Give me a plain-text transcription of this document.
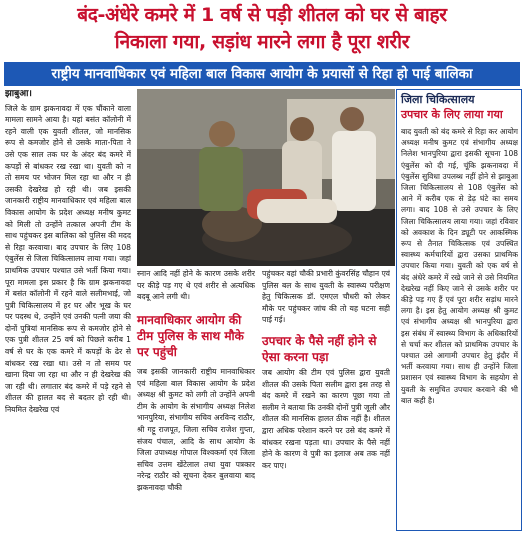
बंद-अंधेरे कमरे में 1 वर्ष से पड़ी शीतल को घर से बाहर
निकाला गया, सड़ांध मारने लगा है पूरा शरीर
राष्ट्रीय मानवाधिकार एवं महिला बाल विकास आयोग के प्रयासों से रिहा हो पाई बालिका
झाबुआ।

जिले के ग्राम झकनावदा में एक चौंकाने वाला मामला सामने आया है। यहां बसंत कॉलोनी में रहने वाली एक युवती शीतल, जो मानसिक रूप से कमजोर होने से उसके माता-पिता ने उसे एक साल तक घर के अंदर बंद कमरे में कपड़ों से बांधकर रख रखा था। युवती को न तो समय पर भोजन मिल रहा था और न ही उसकी देखरेख हो रही थी। जब इसकी जानकारी राष्ट्रीय मानवाधिकार एवं महिला बाल विकास आयोग के प्रदेश अध्यक्ष मनीष कुमट को मिली तो उन्होंने तत्काल अपनी टीम के साथ पहुंचकर इस बालिका को पुलिस की मदद से रिहा करवाया। बाद उपचार के लिए 108 एंबुलेंस से जिला चिकित्सालय लाया गया। जहां प्राथमिक उपचार पश्चात उसे भर्ती किया गया। पूरा मामला इस प्रकार है कि ग्राम झकनावदा में बसंत कॉलोनी में रहने वाले सलीमभाई, जो पुत्री चिकित्सालय में हर घर और भूख के घर पर पदस्थ थे, उन्होंने एवं उनकी पत्नी जया की दोनों पुत्रियां मानसिक रूप से कमजोर होने से एक पुत्री शीतल 25 वर्ष को पिछले करीब 1 वर्ष से घर के एक कमरे में कपड़ों के ढेर से बांधकर रख रखा था। उसे न तो समय पर खाना दिया जा रहा था और न ही देखरेख की जा रही थी। लगातार बंद कमरे में पड़े रहने से शीतल की हालत बद से बदतर हो रही थी। नियमित देखरेख एवं

स्नान आदि नहीं होने के कारण उसके शरीर पर कीड़े पड़ गए थे एवं शरीर से अत्यधिक बदबू आने लगी थी।
मानवाधिकार आयोग की टीम पुलिस के साथ मौके पर पहुंची
जब इसकी जानकारी राष्ट्रीय मानवाधिकार एवं महिला बाल विकास आयोग के प्रदेश अध्यक्ष श्री कुमट को लगी तो उन्होंने अपनी टीम के आयोग के संभागीय अध्यक्ष निलेश भानपुरिया, संभागीय सचिव अरविन्द राठौर, श्री गट्टू राजपूत, जिला सचिव राजेश गुप्ता, संजय पंचाल, आदि के साथ आयोग के जिला उपाध्यक्ष गोपाल विश्वकर्मा एवं जिला सचिव उत्तम खेंटेलाल तथा युवा पत्रकार नरेन्द्र राठौर को सूचना देकर बुलवाया बाद झकनावदा चौकी
पहुंचकर वहां चौकी प्रभारी कुंवरसिंह चौहान एवं पुलिस बल के साथ युवती के स्वास्थ्य परीक्षण हेतु चिकित्सक डॉ. एमएल चौधरी को लेकर मौके पर पहुंचकर जांच की तो यह घटना सही पाई गई।
उपचार के पैसे नहीं होने से ऐसा करना पड़ा
जब आयोग की टीम एवं पुलिस द्वारा युवती शीतल की उसके पिता सलीम द्वारा इस तरह से बंद कमरे में रखने का कारण पूछा गया तो सलीम ने बताया कि उनकी दोनों पुत्री जूली और शीतल की मानसिक हालत ठीक नहीं है। शीतल द्वारा अधिक परेशान करने पर उसे बंद कमरे में बांधकर रखना पड़ता था। उपचार के पैसे नहीं होने के कारण वे पुत्री का इलाज अब तक नहीं कर पाए।
जिला चिकित्सालय
उपचार के लिए लाया गया
बाद युवती को बंद कमरे से रिहा कर आयोग अध्यक्ष मनीष कुमट एवं संभागीय अध्यक्ष निलेश भानपुरिया द्वारा इसकी सूचना 108 एंबुलेंस को दी गई, चूंकि झकनावदा में एंबुलेंस सुविधा उपलब्ध नहीं होने से झाबुआ जिला चिकित्सालय से 108 एंबुलेंस को आने में करीब एक से डेढ़ घंटे का समय लगा। बाद 108 से उसे उपचार के लिए जिला चिकित्सालय लाया गया। जहां रविवार को अवकाश के दिन ड्यूटी पर आकस्मिक रूप से तैनात चिकित्सक एवं उपस्थित स्वास्थ्य कर्मचारियों द्वारा उसका प्राथमिक उपचार किया गया। युवती को एक वर्ष से बंद अंधेरे कमरे में रखे जाने से उसे नियमित देखरेख नहीं किए जाने से उसके शरीर पर कीड़े पड़ गए हैं एवं पूरा शरीर सड़ांध मारने लगा है। इस हेतु आयोग अध्यक्ष श्री कुमट एवं संभागीय अध्यक्ष श्री भानपुरिया द्वारा इस संबंध में स्वास्थ्य विभाग के अधिकारियों से चर्चा कर शीतल को प्राथमिक उपचार के पश्चात उसे आगामी उपचार हेतु इंदौर में भर्ती करवाया गया। साथ ही उन्होंने जिला प्रशासन एवं स्वास्थ्य विभाग के सहयोग से युवती के समुचित उपचार करवाने की भी बात कही है।
